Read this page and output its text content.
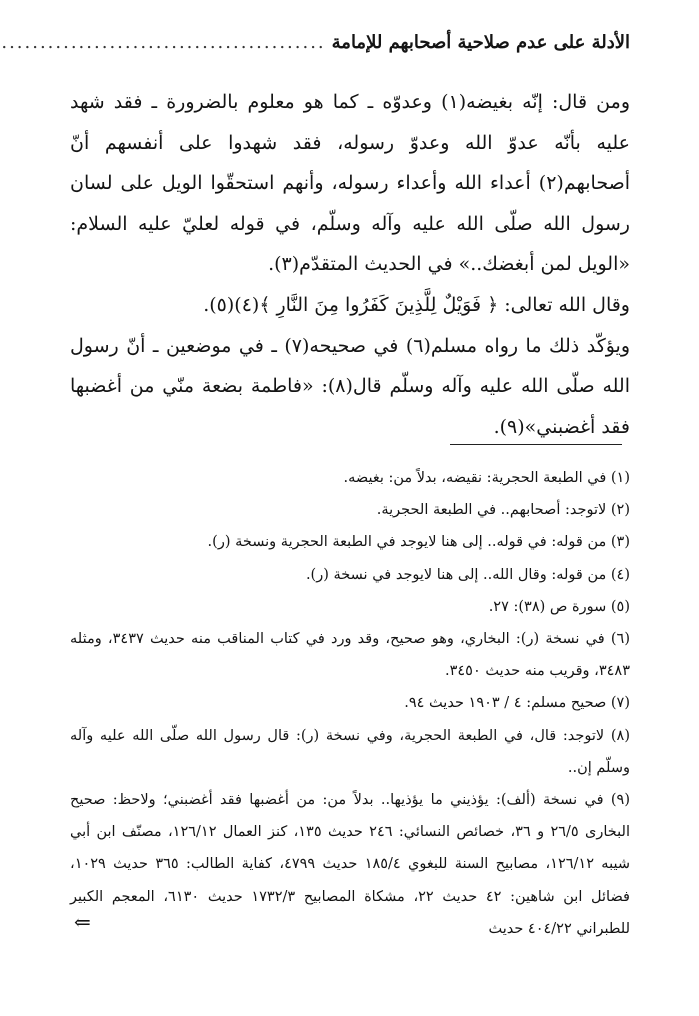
الأدلة على عدم صلاحية أصحابهم للإمامة
..........................................

ومن قال: إنّه بغيضه(١) وعدوّه ـ كما هو معلوم بالضرورة ـ فقد شهد عليه بأنّه عدوّ الله وعدوّ رسوله، فقد شهدوا على أنفسهم أنّ أصحابهم(٢) أعداء الله وأعداء رسوله، وأنهم استحقّوا الويل على لسان رسول الله صلّى الله عليه وآله وسلّم، في قوله لعليّ عليه السلام: «الويل لمن أبغضك..» في الحديث المتقدّم(٣).

وقال الله تعالى: ﴿ فَوَيْلٌ لِلَّذِينَ كَفَرُوا مِنَ النَّارِ ﴾(٤)(٥).

ويؤكّد ذلك ما رواه مسلم(٦) في صحيحه(٧) ـ في موضعين ـ أنّ رسول الله صلّى الله عليه وآله وسلّم قال(٨): «فاطمة بضعة منّي من أغضبها فقد أغضبني»(٩).

(١) في الطبعة الحجرية: نقيضه، بدلاً من: بغيضه.

(٢) لاتوجد: أصحابهم.. في الطبعة الحجرية.

(٣) من قوله: في قوله.. إلى هنا لايوجد في الطبعة الحجرية ونسخة (ر).

(٤) من قوله: وقال الله.. إلى هنا لايوجد في نسخة (ر).

(٥) سورة ص (٣٨): ٢٧.

(٦) في نسخة (ر): البخاري، وهو صحيح، وقد ورد في كتاب المناقب منه حديث ٣٤٣٧، ومثله ٣٤٨٣، وقريب منه حديث ٣٤٥٠.

(٧) صحيح مسلم: ٤ / ١٩٠٣ حديث ٩٤.

(٨) لاتوجد: قال، في الطبعة الحجرية، وفي نسخة (ر): قال رسول الله صلّى الله عليه وآله وسلّم إن..

(٩) في نسخة (ألف): يؤذيني ما يؤذيها.. بدلاً من: من أغضبها فقد أغضبني؛ ولاحظ: صحيح البخارى ٢٦/٥ و ٣٦، خصائص النسائي: ٢٤٦ حديث ١٣٥، كنز العمال ١٢٦/١٢، مصنّف ابن أبي شيبه ١٢٦/١٢، مصابيح السنة للبغوي ١٨٥/٤ حديث ٤٧٩٩، كفاية الطالب: ٣٦٥ حديث ١٠٢٩، فضائل ابن شاهين: ٤٢ حديث ٢٢، مشكاة المصابيح ١٧٣٢/٣ حديث ٦١٣٠، المعجم الكبير للطبراني ٤٠٤/٢٢ حديث

⇐
